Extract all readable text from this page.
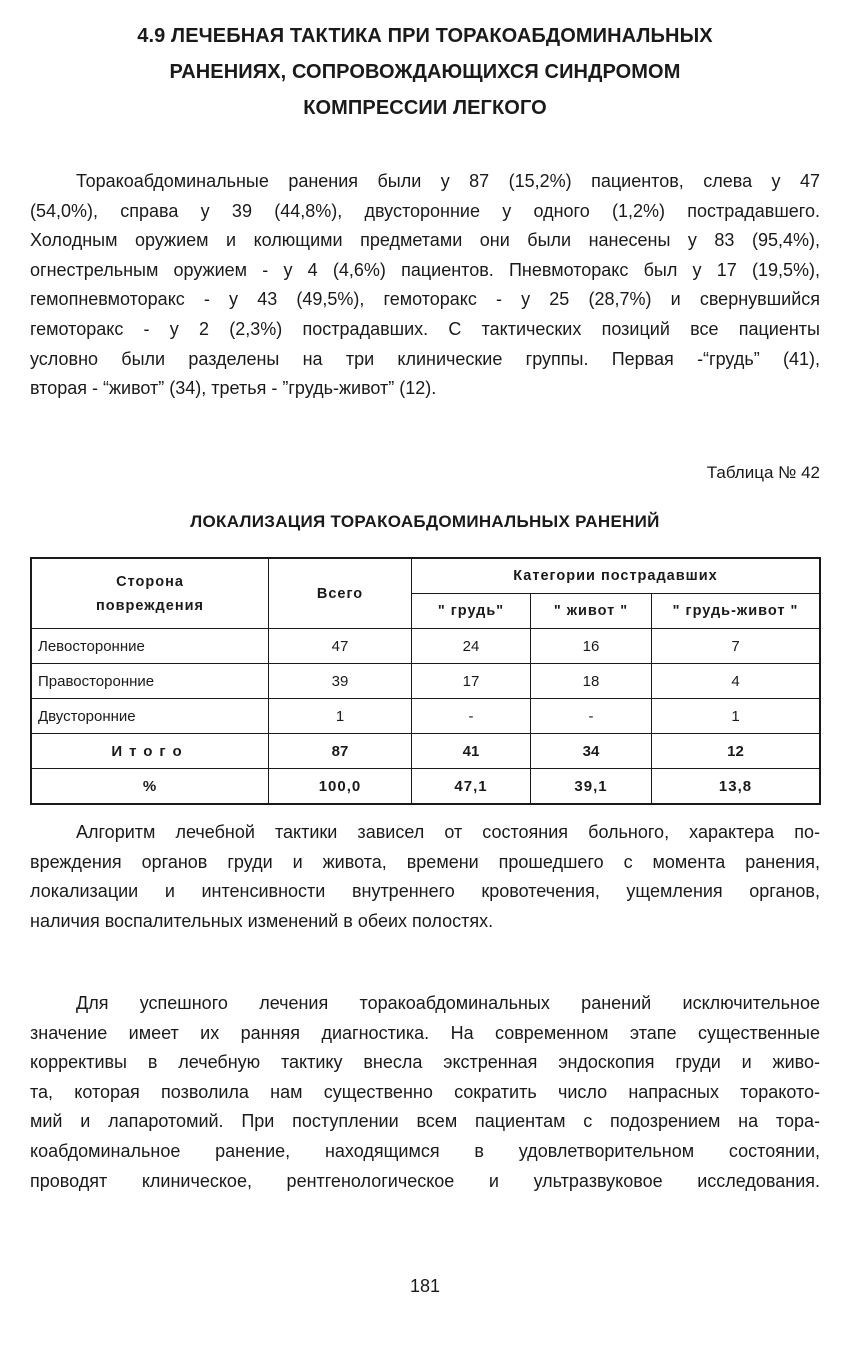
4.9 ЛЕЧЕБНАЯ ТАКТИКА ПРИ ТОРАКОАБДОМИНАЛЬНЫХ
РАНЕНИЯХ, СОПРОВОЖДАЮЩИХСЯ СИНДРОМОМ
КОМПРЕССИИ ЛЕГКОГО
Торакоабдоминальные ранения были у 87 (15,2%) пациентов, слева у 47
(54,0%), справа у 39 (44,8%), двусторонние у одного (1,2%) пострадавшего.
Холодным оружием и колющими предметами они были нанесены у 83 (95,4%),
огнестрельным оружием - у 4 (4,6%) пациентов. Пневмоторакс был у 17 (19,5%),
гемопневмоторакс - у 43 (49,5%), гемоторакс - у 25 (28,7%) и свернувшийся
гемоторакс - у 2 (2,3%) пострадавших. С тактических позиций все пациенты
условно были разделены на три клинические группы. Первая -“грудь” (41),
вторая - “живот” (34), третья - ”грудь-живот” (12).
Таблица № 42
ЛОКАЛИЗАЦИЯ ТОРАКОАБДОМИНАЛЬНЫХ РАНЕНИЙ
Сторона
повреждения	Всего	Категории пострадавших		
		" грудь"	" живот "	" грудь-живот "
Левосторонние	47	24	16	7
Правосторонние	39	17	18	4
Двусторонние	1	-	-	1
Итого	87	41	34	12
%	100,0	47,1	39,1	13,8
Алгоритм лечебной тактики зависел от состояния больного, характера по-
вреждения органов груди и живота, времени прошедшего с момента ранения,
локализации и интенсивности внутреннего кровотечения, ущемления органов,
наличия воспалительных изменений в обеих полостях.
Для успешного лечения торакоабдоминальных ранений исключительное
значение имеет их ранняя диагностика. На современном этапе существенные
коррективы в лечебную тактику внесла экстренная эндоскопия груди и живо-
та, которая позволила нам существенно сократить число напрасных торакото-
мий и лапаротомий. При поступлении всем пациентам с подозрением на тора-
коабдоминальное ранение, находящимся в удовлетворительном состоянии,
проводят клиническое, рентгенологическое и ультразвуковое исследования.
181
